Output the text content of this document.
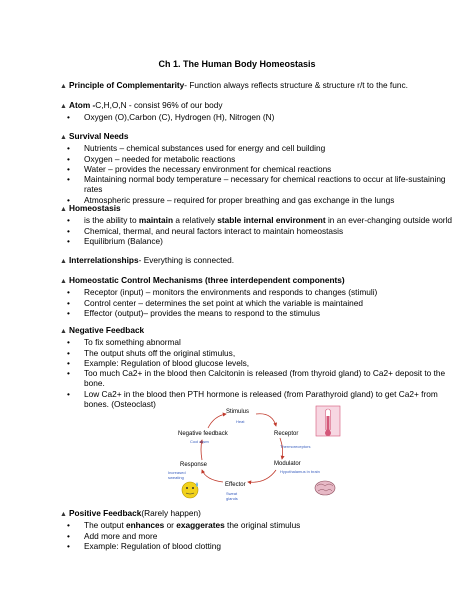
Ch 1. The Human Body Homeostasis
▲ Principle of Complementarity - Function always reflects structure & structure r/t to the func.
▲ Atom - C,H,O,N - consist 96% of our body
• Oxygen (O),Carbon (C), Hydrogen (H), Nitrogen (N)
▲ Survival Needs
• Nutrients – chemical substances used for energy and cell building
• Oxygen – needed for metabolic reactions
• Water – provides the necessary environment for chemical reactions
• Maintaining normal body temperature – necessary for chemical reactions to occur at life-sustaining rates
• Atmospheric pressure – required for proper breathing and gas exchange in the lungs
▲ Homeostasis
• is the ability to maintain a relatively stable internal environment in an ever-changing outside world
• Chemical, thermal, and neural factors interact to maintain homeostasis
• Equilibrium (Balance)
▲ Interrelationships - Everything is connected.
▲ Homeostatic Control Mechanisms (three interdependent components)
• Receptor (input) – monitors the environments and responds to changes (stimuli)
• Control center – determines the set point at which the variable is maintained
• Effector (output)– provides the means to respond to the stimulus
▲ Negative Feedback
• To fix something abnormal
• The output shuts off the original stimulus,
• Example: Regulation of blood glucose levels,
• Too much Ca2+ in the blood then Calcitonin is released (from thyroid gland) to Ca2+ deposit to the bone.
• Low Ca2+ in the blood then PTH hormone is released (from Parathyroid gland) to get Ca2+ from bones. (Osteoclast)
Stimulus
Heat
Negative feedback
Cool down
Receptor
Thermoreceptors
Response
Increased sweating
Modulator
Hypothalamus in brain
Effector
Sweat glands
▲ Positive Feedback (Rarely happen)
• The output enhances or exaggerates the original stimulus
• Add more and more
• Example: Regulation of blood clotting
